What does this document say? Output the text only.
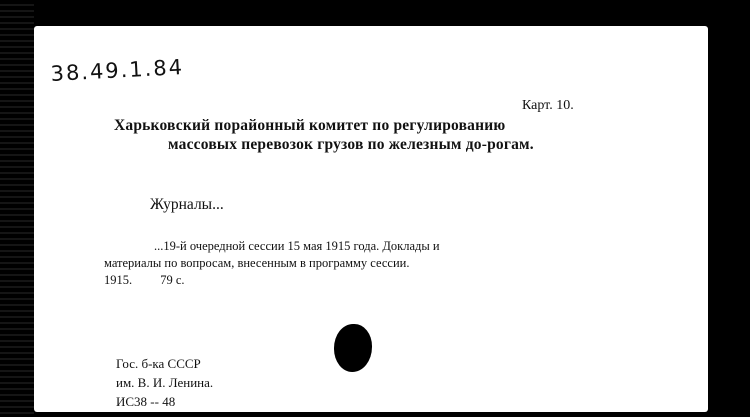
38.49.1.84
Карт. 10.
Харьковский порайонный комитет по регулированию
массовых перевозок грузов по железным до-рогам.
Журналы...
...19-й очередной сессии 15 мая 1915 года. Доклады и
материалы по вопросам, внесенным в программу сессии.
1915.         79 с.
Гос. б-ка СССР
им. В. И. Ленина.
ИС38 -- 48
